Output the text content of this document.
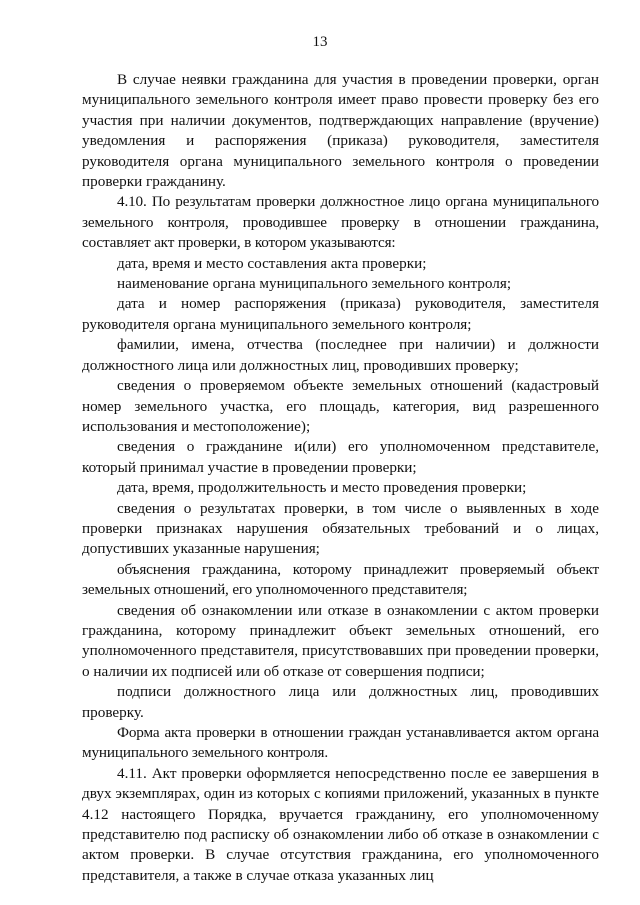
13

В случае неявки гражданина для участия в проведении проверки, орган муниципального земельного контроля имеет право провести проверку без его участия при наличии документов, подтверждающих направление (вручение) уведомления и распоряжения (приказа) руководителя, заместителя руководителя органа муниципального земельного контроля о проведении проверки гражданину.

4.10. По результатам проверки должностное лицо органа муниципального земельного контроля, проводившее проверку в отношении гражданина, составляет акт проверки, в котором указываются:

дата, время и место составления акта проверки;

наименование органа муниципального земельного контроля;

дата и номер распоряжения (приказа) руководителя, заместителя руководителя органа муниципального земельного контроля;

фамилии, имена, отчества (последнее при наличии) и должности должностного лица или должностных лиц, проводивших проверку;

сведения о проверяемом объекте земельных отношений (кадастровый номер земельного участка, его площадь, категория, вид разрешенного использования и местоположение);

сведения о гражданине и(или) его уполномоченном представителе, который принимал участие в проведении проверки;

дата, время, продолжительность и место проведения проверки;

сведения о результатах проверки, в том числе о выявленных в ходе проверки признаках нарушения обязательных требований и о лицах, допустивших указанные нарушения;

объяснения гражданина, которому принадлежит проверяемый объект земельных отношений, его уполномоченного представителя;

сведения об ознакомлении или отказе в ознакомлении с актом проверки гражданина, которому принадлежит объект земельных отношений, его уполномоченного представителя, присутствовавших при проведении проверки, о наличии их подписей или об отказе от совершения подписи;

подписи должностного лица или должностных лиц, проводивших проверку.

Форма акта проверки в отношении граждан устанавливается актом органа муниципального земельного контроля.

4.11. Акт проверки оформляется непосредственно после ее завершения в двух экземплярах, один из которых с копиями приложений, указанных в пункте 4.12 настоящего Порядка, вручается гражданину, его уполномоченному представителю под расписку об ознакомлении либо об отказе в ознакомлении с актом проверки. В случае отсутствия гражданина, его уполномоченного представителя, а также в случае отказа указанных лиц
